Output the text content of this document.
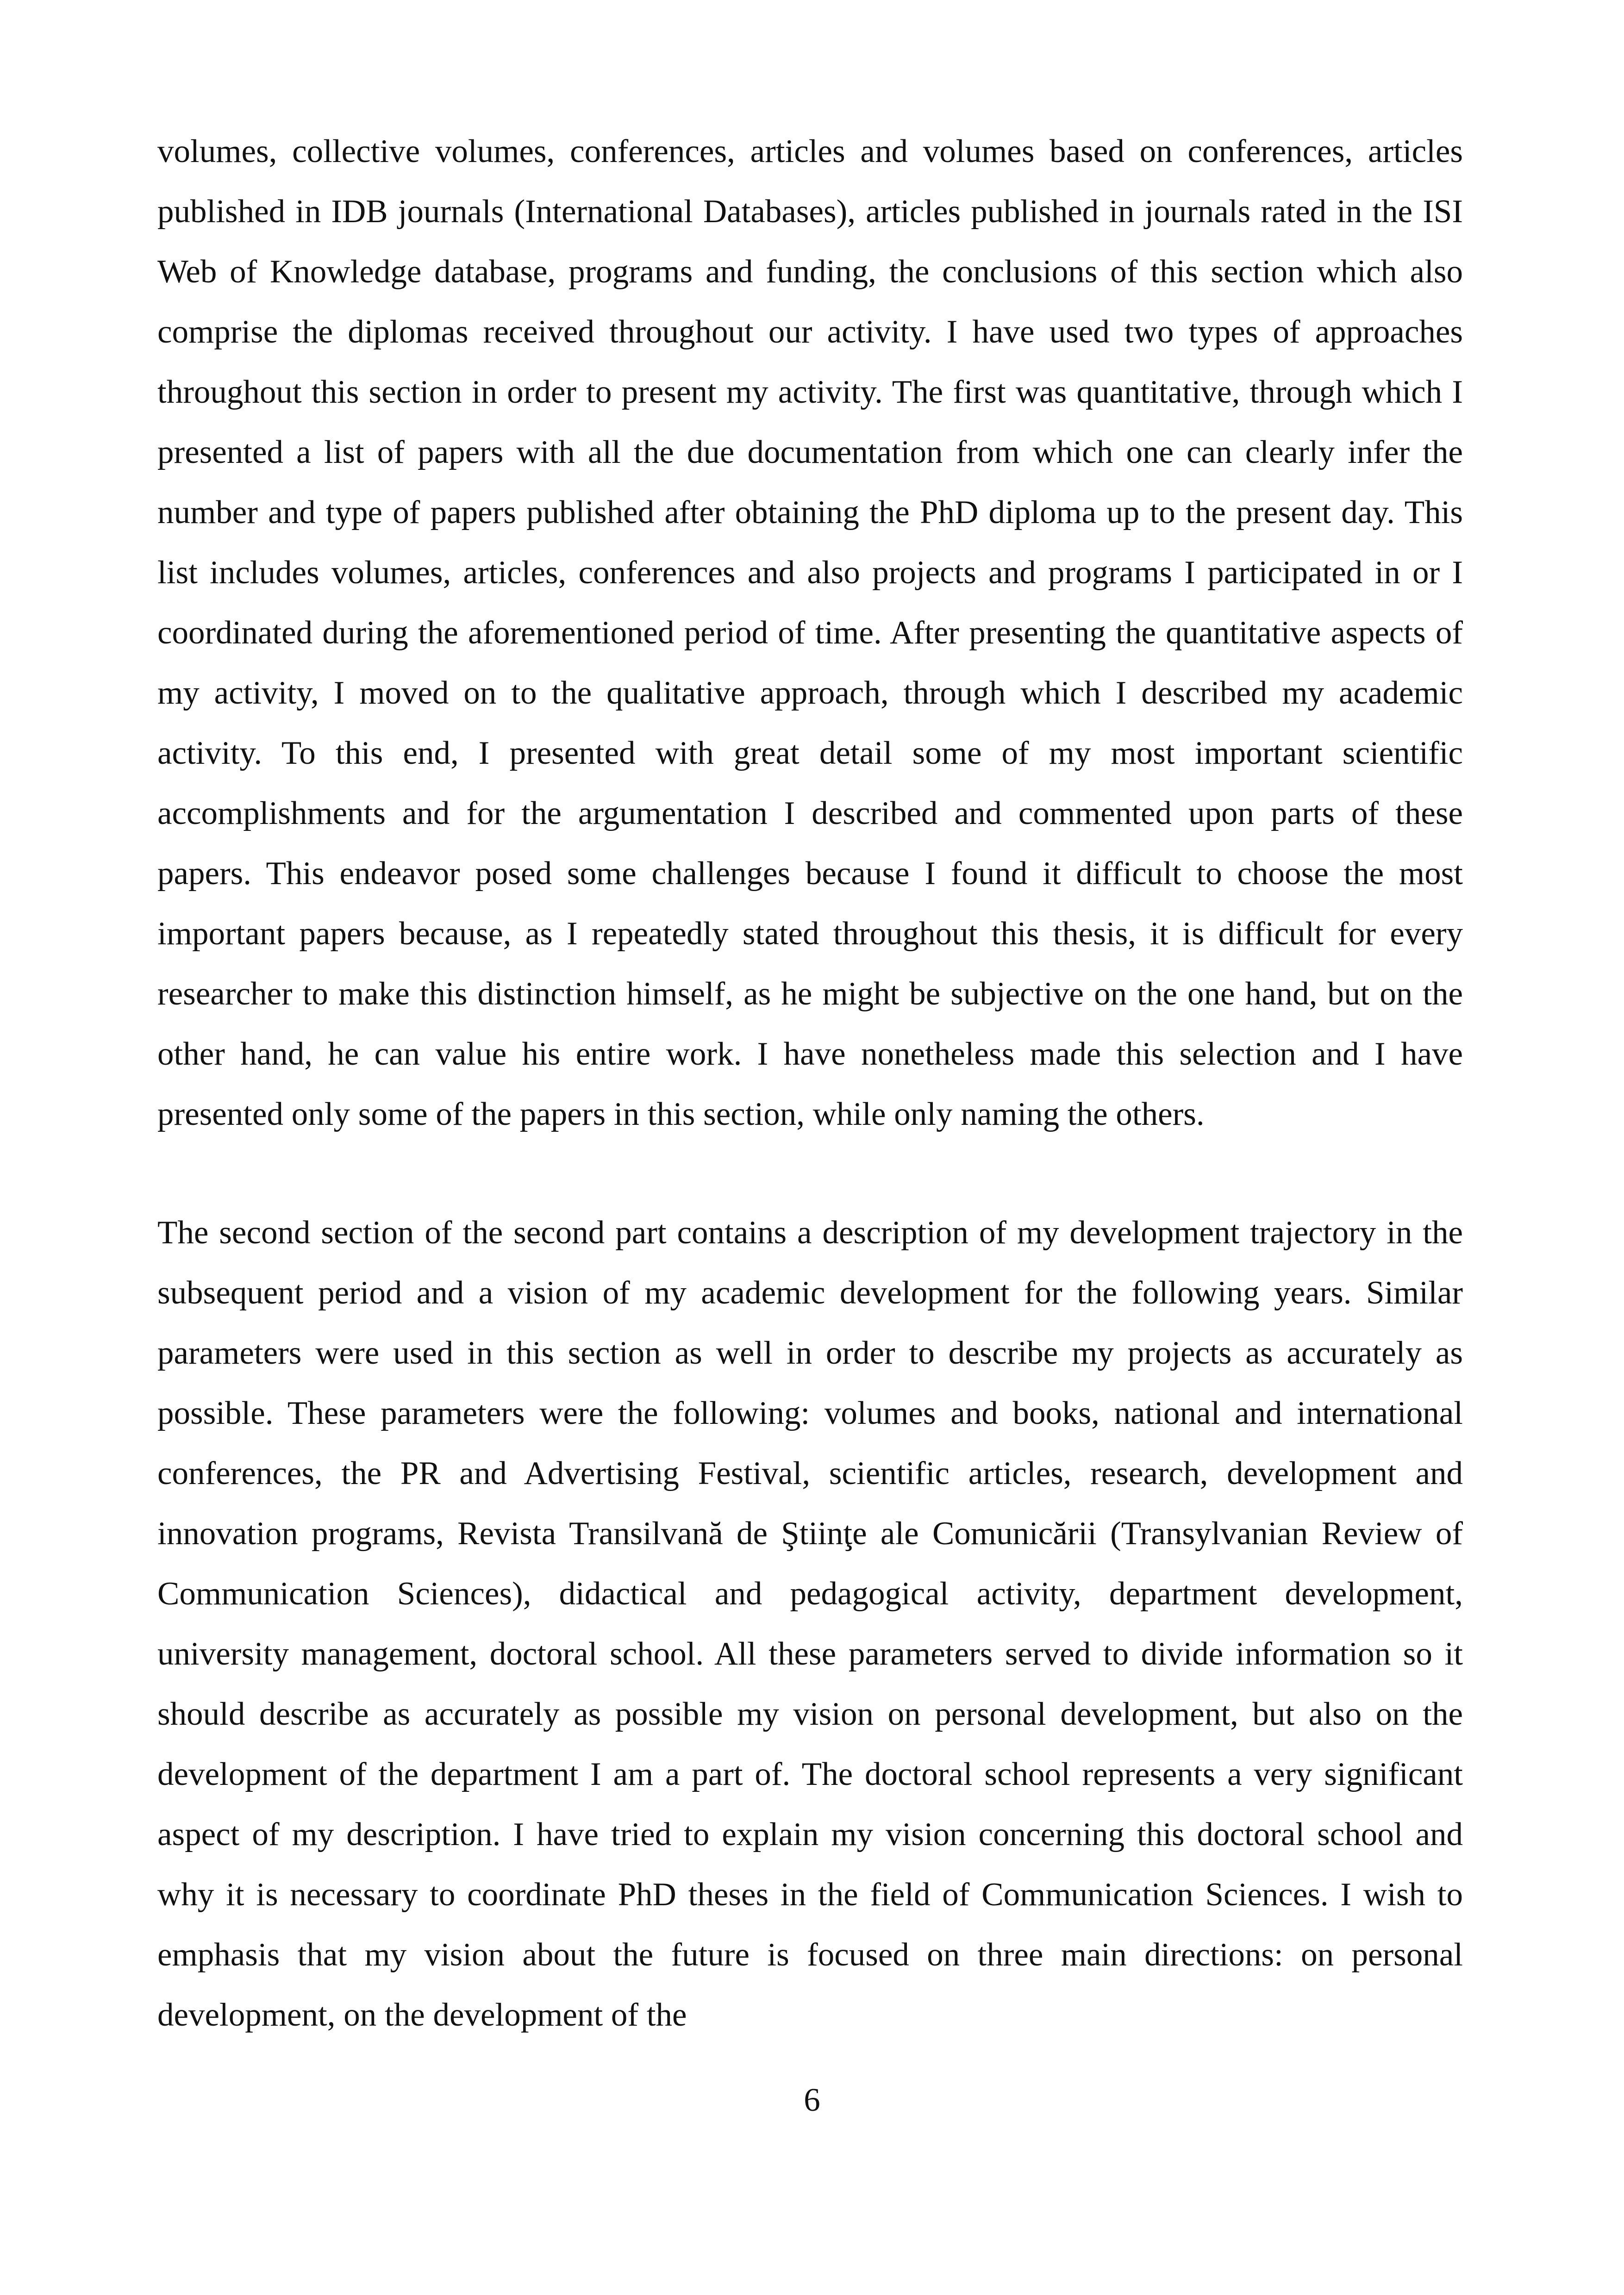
volumes, collective volumes, conferences, articles and volumes based on conferences, articles published in IDB journals (International Databases), articles published in journals rated in the ISI Web of Knowledge database, programs and funding, the conclusions of this section which also comprise the diplomas received throughout our activity. I have used two types of approaches throughout this section in order to present my activity. The first was quantitative, through which I presented a list of papers with all the due documentation from which one can clearly infer the number and type of papers published after obtaining the PhD diploma up to the present day. This list includes volumes, articles, conferences and also projects and programs I participated in or I coordinated during the aforementioned period of time. After presenting the quantitative aspects of my activity, I moved on to the qualitative approach, through which I described my academic activity. To this end, I presented with great detail some of my most important scientific accomplishments and for the argumentation I described and commented upon parts of these papers. This endeavor posed some challenges because I found it difficult to choose the most important papers because, as I repeatedly stated throughout this thesis, it is difficult for every researcher to make this distinction himself, as he might be subjective on the one hand, but on the other hand, he can value his entire work. I have nonetheless made this selection and I have presented only some of the papers in this section, while only naming the others.

The second section of the second part contains a description of my development trajectory in the subsequent period and a vision of my academic development for the following years. Similar parameters were used in this section as well in order to describe my projects as accurately as possible. These parameters were the following: volumes and books, national and international conferences, the PR and Advertising Festival, scientific articles, research, development and innovation programs, Revista Transilvană de Ştiinţe ale Comunicării (Transylvanian Review of Communication Sciences), didactical and pedagogical activity, department development, university management, doctoral school. All these parameters served to divide information so it should describe as accurately as possible my vision on personal development, but also on the development of the department I am a part of. The doctoral school represents a very significant aspect of my description. I have tried to explain my vision concerning this doctoral school and why it is necessary to coordinate PhD theses in the field of Communication Sciences. I wish to emphasis that my vision about the future is focused on three main directions: on personal development, on the development of the

6
